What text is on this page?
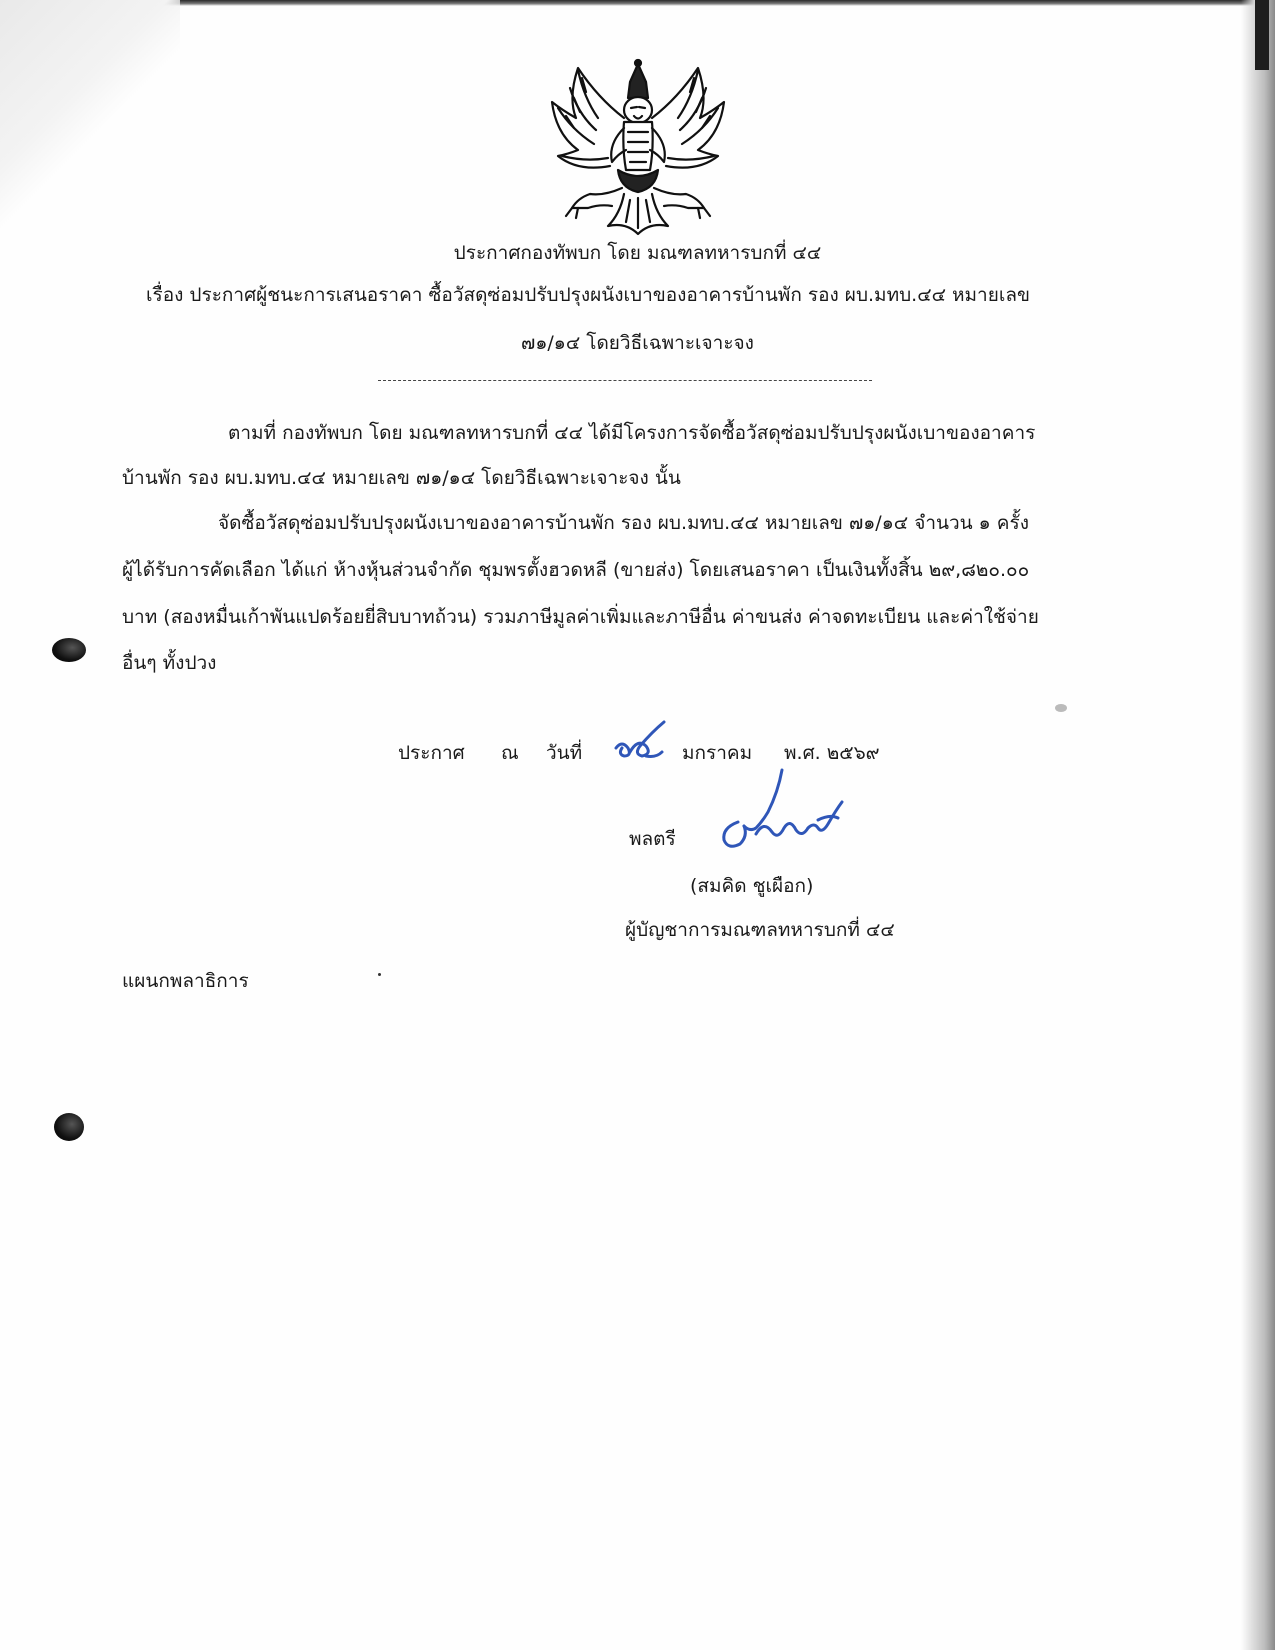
ประกาศกองทัพบก โดย มณฑลทหารบกที่ ๔๔
เรื่อง ประกาศผู้ชนะการเสนอราคา ซื้อวัสดุซ่อมปรับปรุงผนังเบาของอาคารบ้านพัก รอง ผบ.มทบ.๔๔ หมายเลข
๗๑/๑๔ โดยวิธีเฉพาะเจาะจง
ตามที่ กองทัพบก โดย มณฑลทหารบกที่ ๔๔ ได้มีโครงการจัดซื้อวัสดุซ่อมปรับปรุงผนังเบาของอาคาร
บ้านพัก รอง ผบ.มทบ.๔๔ หมายเลข ๗๑/๑๔ โดยวิธีเฉพาะเจาะจง นั้น
จัดซื้อวัสดุซ่อมปรับปรุงผนังเบาของอาคารบ้านพัก รอง ผบ.มทบ.๔๔ หมายเลข ๗๑/๑๔ จำนวน ๑ ครั้ง
ผู้ได้รับการคัดเลือก ได้แก่ ห้างหุ้นส่วนจำกัด ชุมพรตั้งฮวดหลี (ขายส่ง) โดยเสนอราคา เป็นเงินทั้งสิ้น ๒๙,๘๒๐.๐๐
บาท (สองหมื่นเก้าพันแปดร้อยยี่สิบบาทถ้วน) รวมภาษีมูลค่าเพิ่มและภาษีอื่น ค่าขนส่ง ค่าจดทะเบียน และค่าใช้จ่าย
อื่นๆ ทั้งปวง
ประกาศ ณ วันที่	มกราคม พ.ศ. ๒๕๖๙
พลตรี
(สมคิด ชูเผือก)
ผู้บัญชาการมณฑลทหารบกที่ ๔๔
แผนกพลาธิการ
